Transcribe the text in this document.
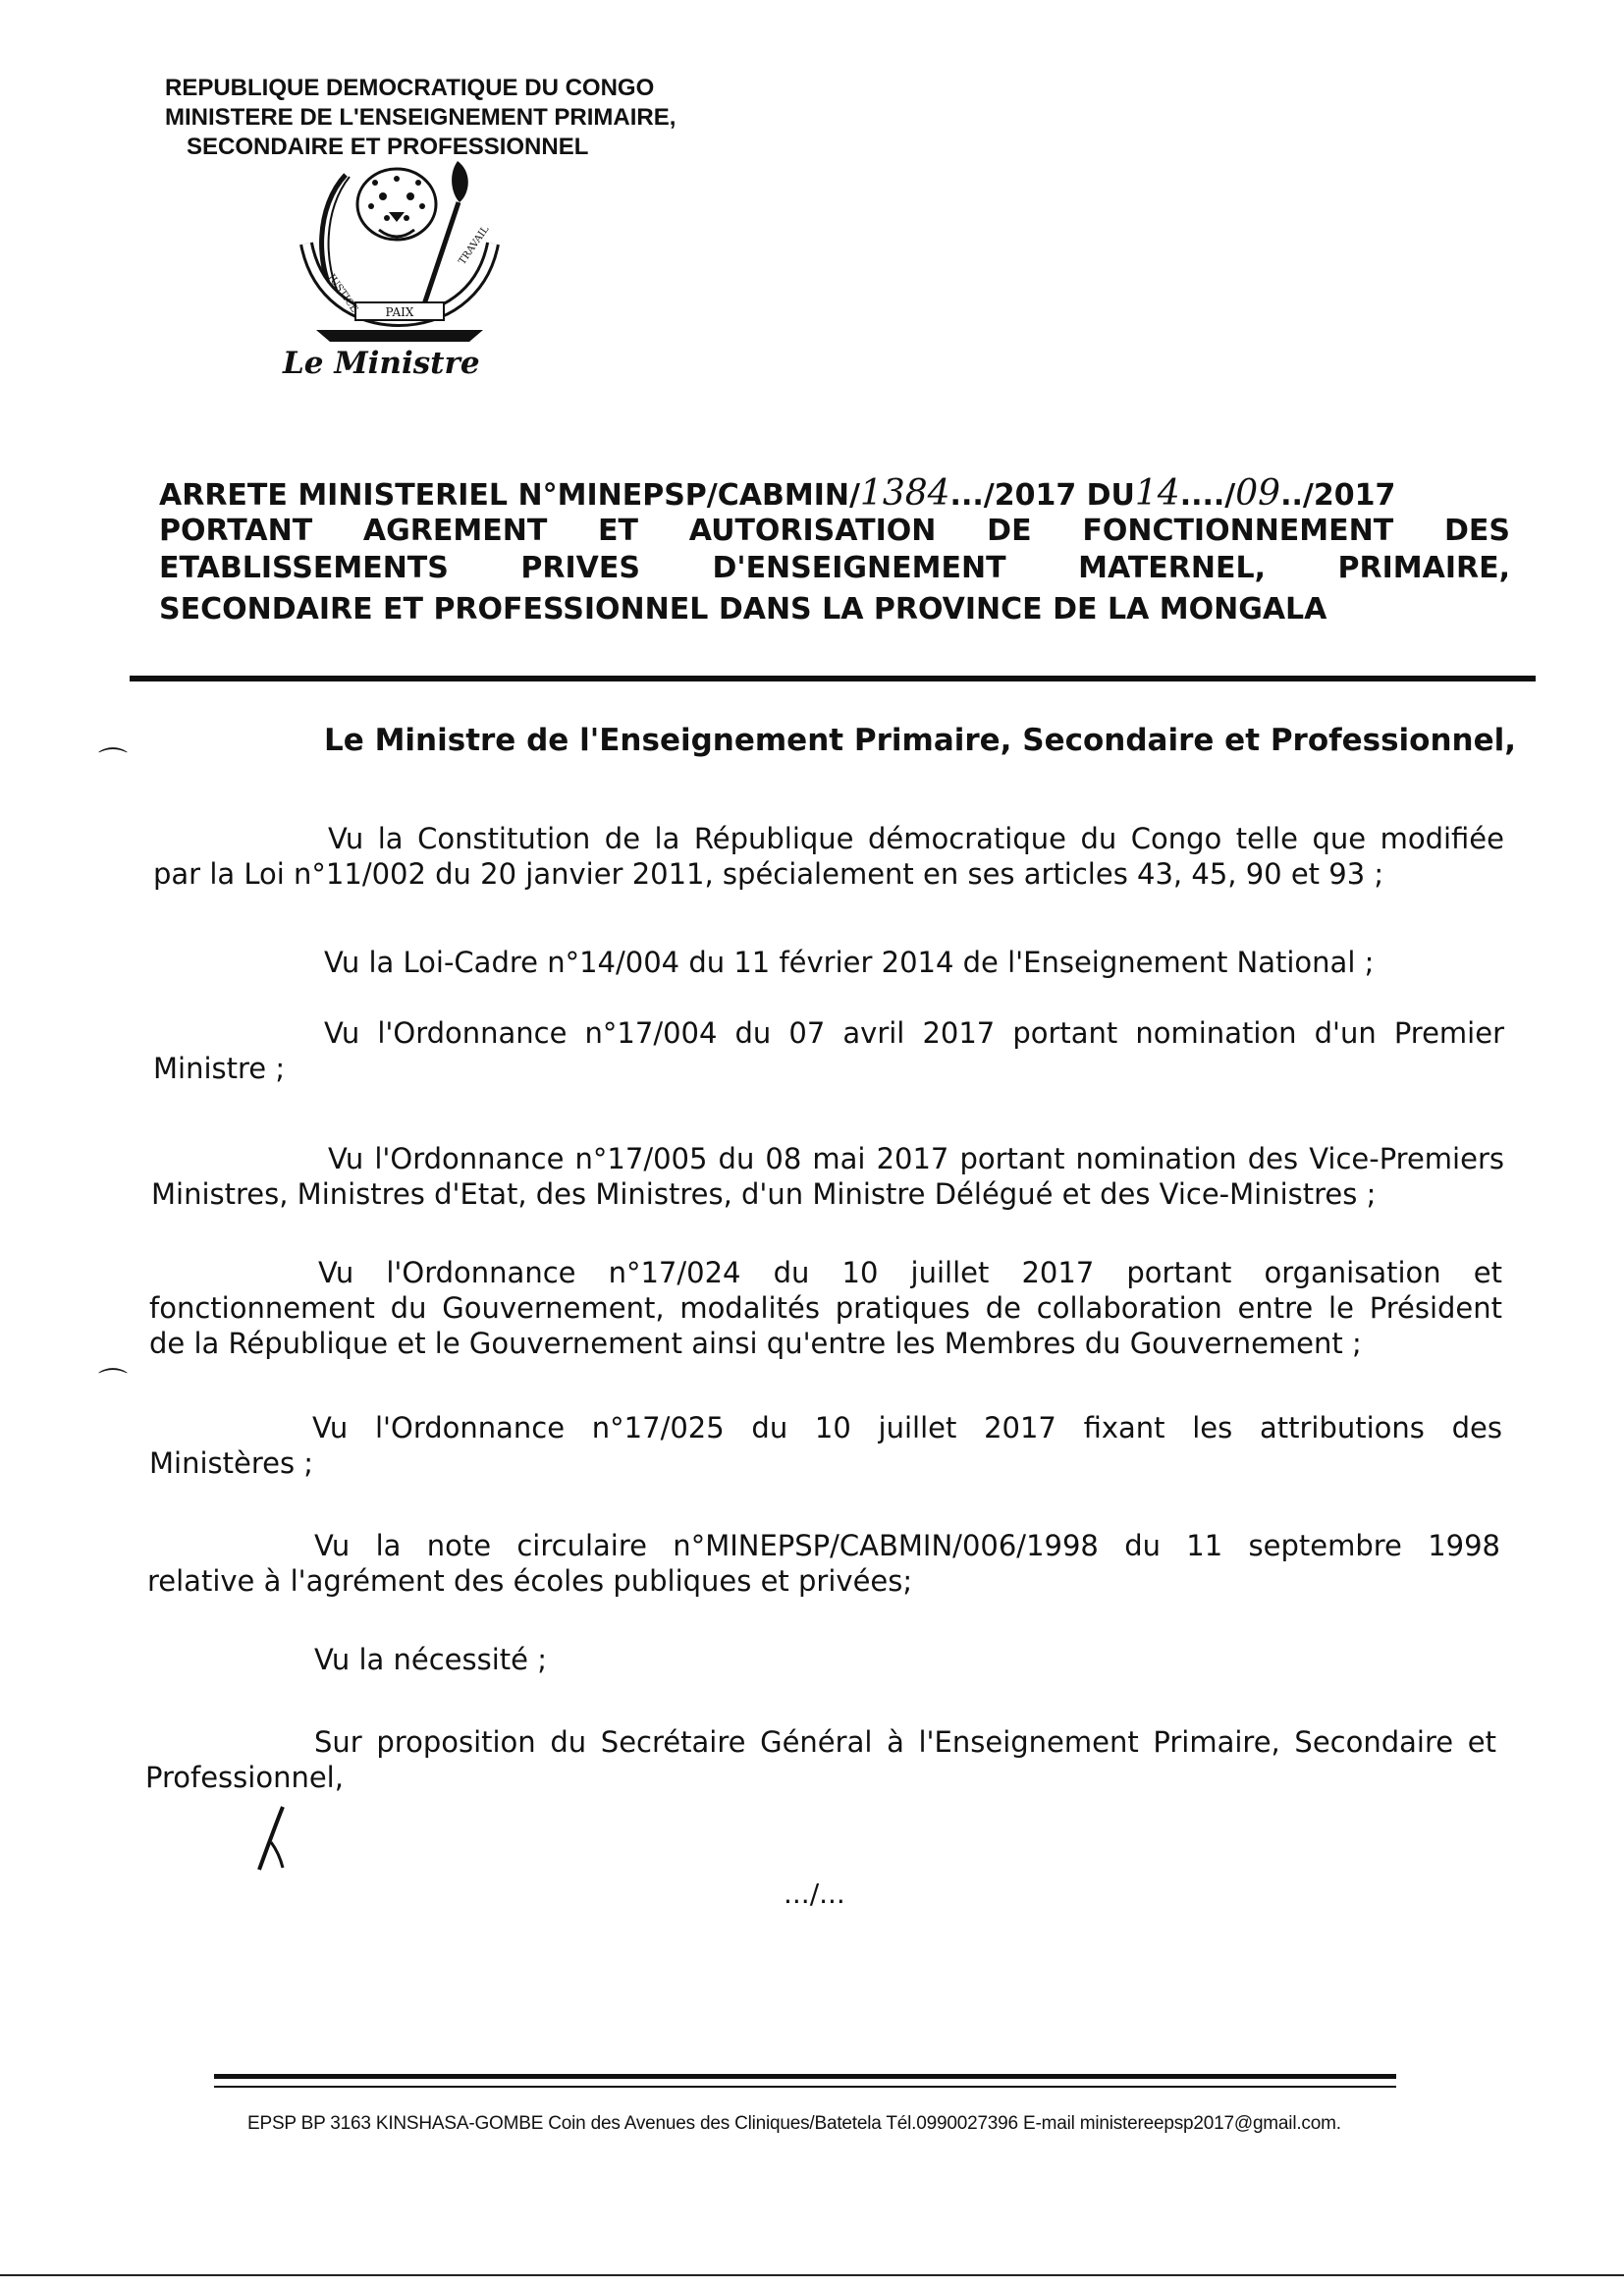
REPUBLIQUE DEMOCRATIQUE DU CONGO
MINISTERE DE L'ENSEIGNEMENT PRIMAIRE,
SECONDAIRE ET PROFESSIONNEL
PAIX
JUSTICE
TRAVAIL
Le Ministre
ARRETE MINISTERIEL N°MINEPSP/CABMIN/1384.../2017 DU14..../09../2017
PORTANT AGREMENT ET AUTORISATION DE FONCTIONNEMENT DES
ETABLISSEMENTS PRIVES D'ENSEIGNEMENT MATERNEL, PRIMAIRE,
SECONDAIRE ET PROFESSIONNEL DANS LA PROVINCE DE LA MONGALA
⌒
⌒
Le Ministre de l'Enseignement Primaire, Secondaire et Professionnel,
Vu la Constitution de la République démocratique du Congo telle que modifiée
par la Loi n°11/002 du 20 janvier 2011, spécialement en ses articles 43, 45, 90 et 93 ;
Vu la Loi-Cadre n°14/004 du 11 février 2014 de l'Enseignement National ;
Vu l'Ordonnance n°17/004 du 07 avril 2017 portant nomination d'un Premier
Ministre ;
Vu l'Ordonnance n°17/005 du 08 mai 2017 portant nomination des Vice-Premiers
Ministres, Ministres d'Etat, des Ministres, d'un Ministre Délégué et des Vice-Ministres ;
Vu l'Ordonnance n°17/024 du 10 juillet 2017 portant organisation et
fonctionnement du Gouvernement, modalités pratiques de collaboration entre le Président
de la République et le Gouvernement ainsi qu'entre les Membres du Gouvernement ;
Vu l'Ordonnance n°17/025 du 10 juillet 2017 fixant les attributions des
Ministères ;
Vu la note circulaire n°MINEPSP/CABMIN/006/1998 du 11 septembre 1998
relative à l'agrément des écoles publiques et privées;
Vu la nécessité ;
Sur proposition du Secrétaire Général à l'Enseignement Primaire, Secondaire et
Professionnel,
.../...
EPSP BP 3163 KINSHASA-GOMBE Coin des Avenues des Cliniques/Batetela Tél.0990027396 E-mail ministereepsp2017@gmail.com.
